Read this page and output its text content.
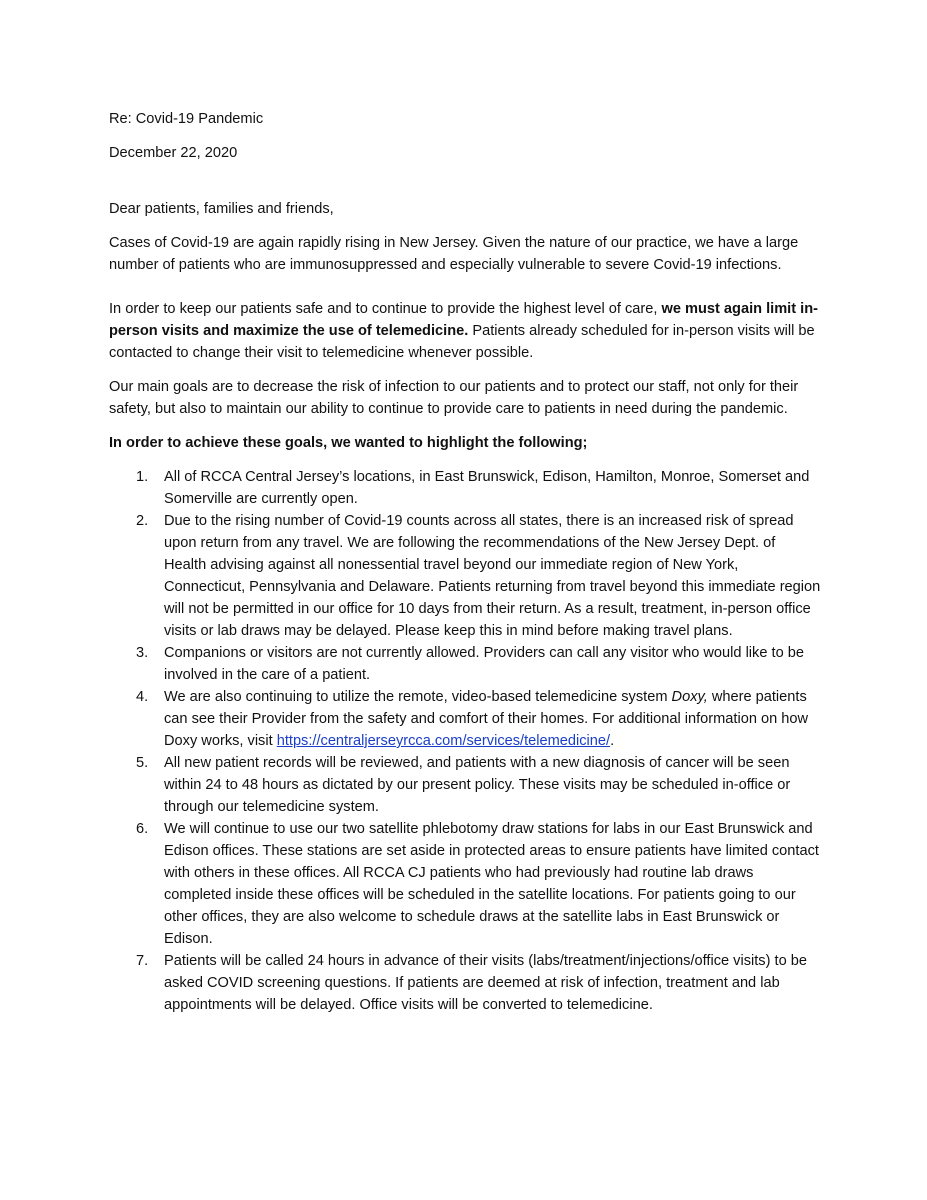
Re: Covid-19 Pandemic

December 22, 2020

Dear patients, families and friends,

Cases of Covid-19 are again rapidly rising in New Jersey. Given the nature of our practice, we have a large number of patients who are immunosuppressed and especially vulnerable to severe Covid-19 infections.

In order to keep our patients safe and to continue to provide the highest level of care, we must again limit in-person visits and maximize the use of telemedicine. Patients already scheduled for in-person visits will be contacted to change their visit to telemedicine whenever possible.

Our main goals are to decrease the risk of infection to our patients and to protect our staff, not only for their safety, but also to maintain our ability to continue to provide care to patients in need during the pandemic.

In order to achieve these goals, we wanted to highlight the following;

1. All of RCCA Central Jersey’s locations, in East Brunswick, Edison, Hamilton, Monroe, Somerset and Somerville are currently open.
2. Due to the rising number of Covid-19 counts across all states, there is an increased risk of spread upon return from any travel. We are following the recommendations of the New Jersey Dept. of Health advising against all nonessential travel beyond our immediate region of New York, Connecticut, Pennsylvania and Delaware. Patients returning from travel beyond this immediate region will not be permitted in our office for 10 days from their return. As a result, treatment, in-person office visits or lab draws may be delayed. Please keep this in mind before making travel plans.
3. Companions or visitors are not currently allowed. Providers can call any visitor who would like to be involved in the care of a patient.
4. We are also continuing to utilize the remote, video-based telemedicine system Doxy, where patients can see their Provider from the safety and comfort of their homes. For additional information on how Doxy works, visit https://centraljerseyrcca.com/services/telemedicine/.
5. All new patient records will be reviewed, and patients with a new diagnosis of cancer will be seen within 24 to 48 hours as dictated by our present policy. These visits may be scheduled in-office or through our telemedicine system.
6. We will continue to use our two satellite phlebotomy draw stations for labs in our East Brunswick and Edison offices. These stations are set aside in protected areas to ensure patients have limited contact with others in these offices. All RCCA CJ patients who had previously had routine lab draws completed inside these offices will be scheduled in the satellite locations. For patients going to our other offices, they are also welcome to schedule draws at the satellite labs in East Brunswick or Edison.
7. Patients will be called 24 hours in advance of their visits (labs/treatment/injections/office visits) to be asked COVID screening questions. If patients are deemed at risk of infection, treatment and lab appointments will be delayed. Office visits will be converted to telemedicine.
